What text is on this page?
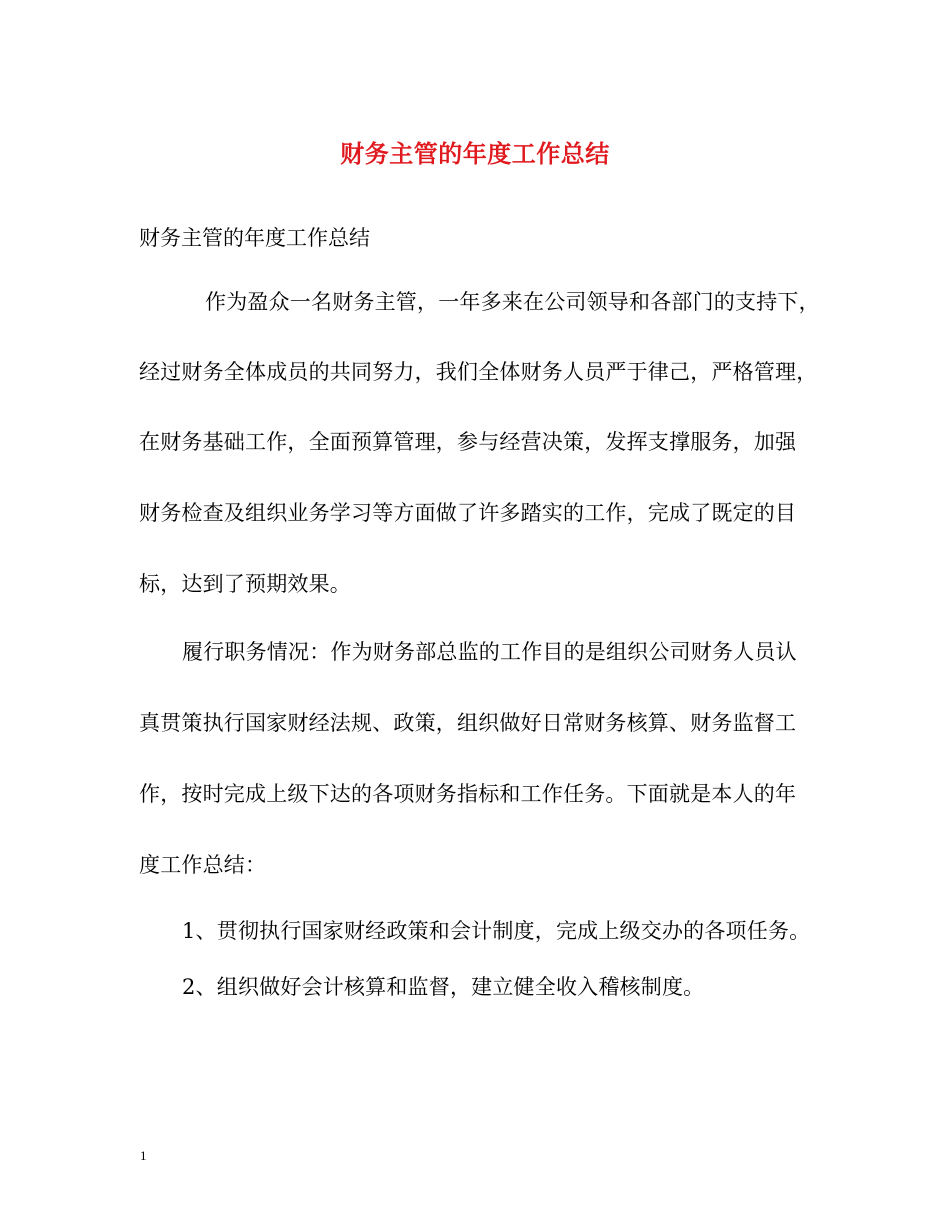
财务主管的年度工作总结
财务主管的年度工作总结
作为盈众一名财务主管，一年多来在公司领导和各部门的支持下，
经过财务全体成员的共同努力，我们全体财务人员严于律己，严格管理，
在财务基础工作，全面预算管理，参与经营决策，发挥支撑服务，加强
财务检查及组织业务学习等方面做了许多踏实的工作，完成了既定的目
标，达到了预期效果。
履行职务情况：作为财务部总监的工作目的是组织公司财务人员认
真贯策执行国家财经法规、政策，组织做好日常财务核算、财务监督工
作，按时完成上级下达的各项财务指标和工作任务。下面就是本人的年
度工作总结：
1、贯彻执行国家财经政策和会计制度，完成上级交办的各项任务。
2、组织做好会计核算和监督，建立健全收入稽核制度。
1
